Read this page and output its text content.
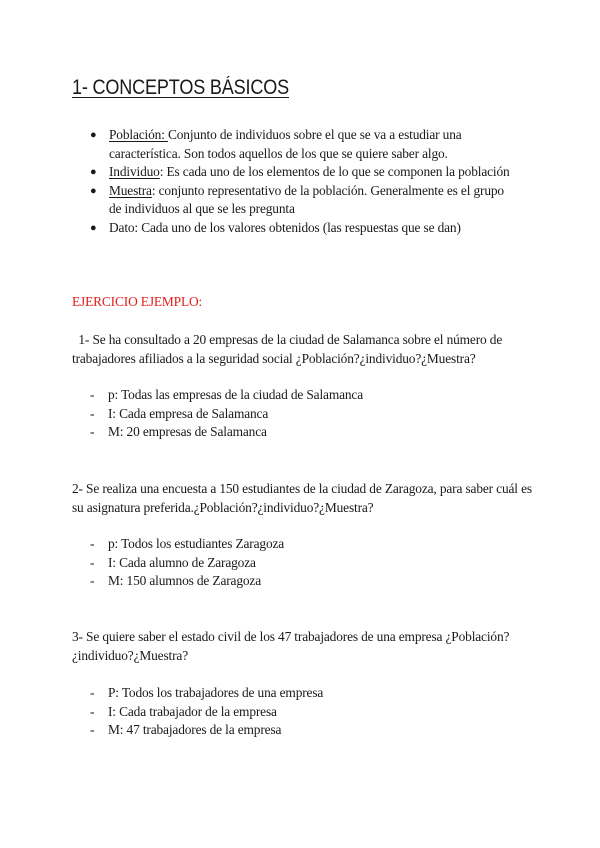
1- CONCEPTOS BÁSICOS
● Población: Conjunto de individuos sobre el que se va a estudiar una característica. Son todos aquellos de los que se quiere saber algo.
● Individuo: Es cada uno de los elementos de lo que se componen la población
● Muestra: conjunto representativo de la población. Generalmente es el grupo de individuos al que se les pregunta
● Dato: Cada uno de los valores obtenidos (las respuestas que se dan)

EJERCICIO EJEMPLO:

1- Se ha consultado a 20 empresas de la ciudad de Salamanca sobre el número de trabajadores afiliados a la seguridad social ¿Población?¿individuo?¿Muestra?

- p: Todas las empresas de la ciudad de Salamanca
- I: Cada empresa de Salamanca
- M: 20 empresas de Salamanca

2- Se realiza una encuesta a 150 estudiantes de la ciudad de Zaragoza, para saber cuál es su asignatura preferida.¿Población?¿individuo?¿Muestra?

- p: Todos los estudiantes Zaragoza
- I: Cada alumno de Zaragoza
- M: 150 alumnos de Zaragoza

3- Se quiere saber el estado civil de los 47 trabajadores de una empresa ¿Población?¿individuo?¿Muestra?

- P: Todos los trabajadores de una empresa
- I: Cada trabajador de la empresa
- M: 47 trabajadores de la empresa
